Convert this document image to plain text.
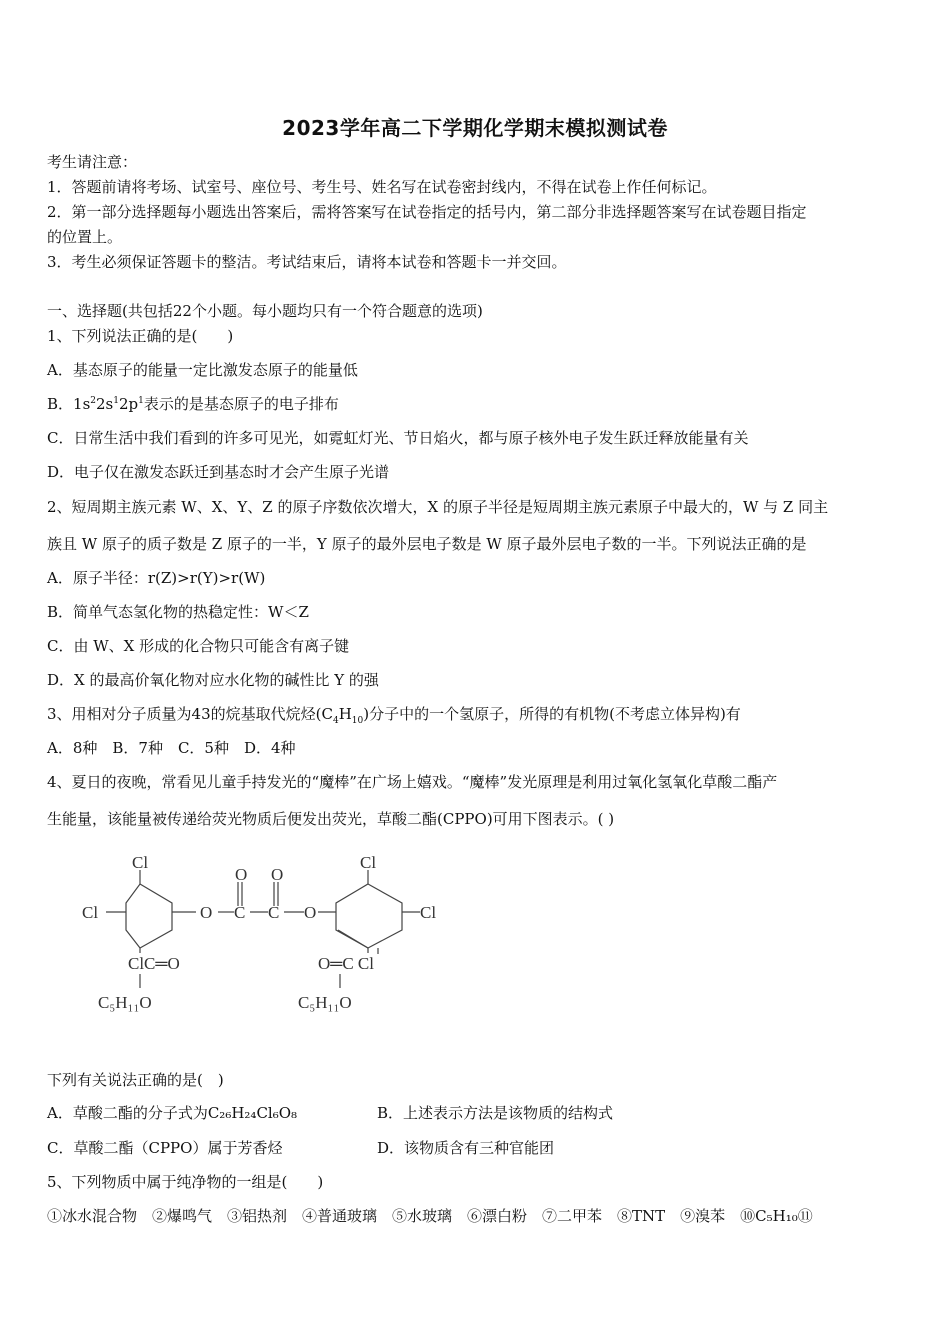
2023学年高二下学期化学期末模拟测试卷
考生请注意：
1．答题前请将考场、试室号、座位号、考生号、姓名写在试卷密封线内，不得在试卷上作任何标记。
2．第一部分选择题每小题选出答案后，需将答案写在试卷指定的括号内，第二部分非选择题答案写在试卷题目指定
的位置上。
3．考生必须保证答题卡的整洁。考试结束后，请将本试卷和答题卡一并交回。
一、选择题(共包括22个小题。每小题均只有一个符合题意的选项)
1、下列说法正确的是(　　)
A．基态原子的能量一定比激发态原子的能量低
B．$1s^22s^12p^1$表示的是基态原子的电子排布
C．日常生活中我们看到的许多可见光，如霓虹灯光、节日焰火，都与原子核外电子发生跃迁释放能量有关
D．电子仅在激发态跃迁到基态时才会产生原子光谱
2、短周期主族元素 W、X、Y、Z 的原子序数依次增大，X 的原子半径是短周期主族元素原子中最大的，W 与 Z 同主
族且 W 原子的质子数是 Z 原子的一半，Y 原子的最外层电子数是 W 原子最外层电子数的一半。下列说法正确的是
A．原子半径：r(Z)>r(Y)>r(W)
B．简单气态氢化物的热稳定性：W＜Z
C．由 W、X 形成的化合物只可能含有离子键
D．X 的最高价氧化物对应水化物的碱性比 Y 的强
3、用相对分子质量为43的烷基取代烷烃$(C_4H_{10})$分子中的一个氢原子，所得的有机物(不考虑立体异构)有
A．8种　B．7种　C．5种　D．4种
4、夏日的夜晚，常看见儿童手持发光的“魔棒”在广场上嬉戏。“魔棒”发光原理是利用过氧化氢氧化草酸二酯产
生能量，该能量被传递给荧光物质后便发出荧光，草酸二酯(CPPO)可用下图表示。( )
Cl
Cl	O
O
C
O
C O
Cl
Cl
ClC═O	O═C Cl
C₅H₁₁O	C₅H₁₁O
下列有关说法正确的是(　)
A．草酸二酯的分子式为C₂₆H₂₄Cl₆O₈	B．上述表示方法是该物质的结构式
C．草酸二酯（CPPO）属于芳香烃	D．该物质含有三种官能团
5、下列物质中属于纯净物的一组是(　　)
①冰水混合物　②爆鸣气　③铝热剂　④普通玻璃　⑤水玻璃　⑥漂白粉　⑦二甲苯　⑧TNT　⑨溴苯　⑩C₅H₁₀⑪
